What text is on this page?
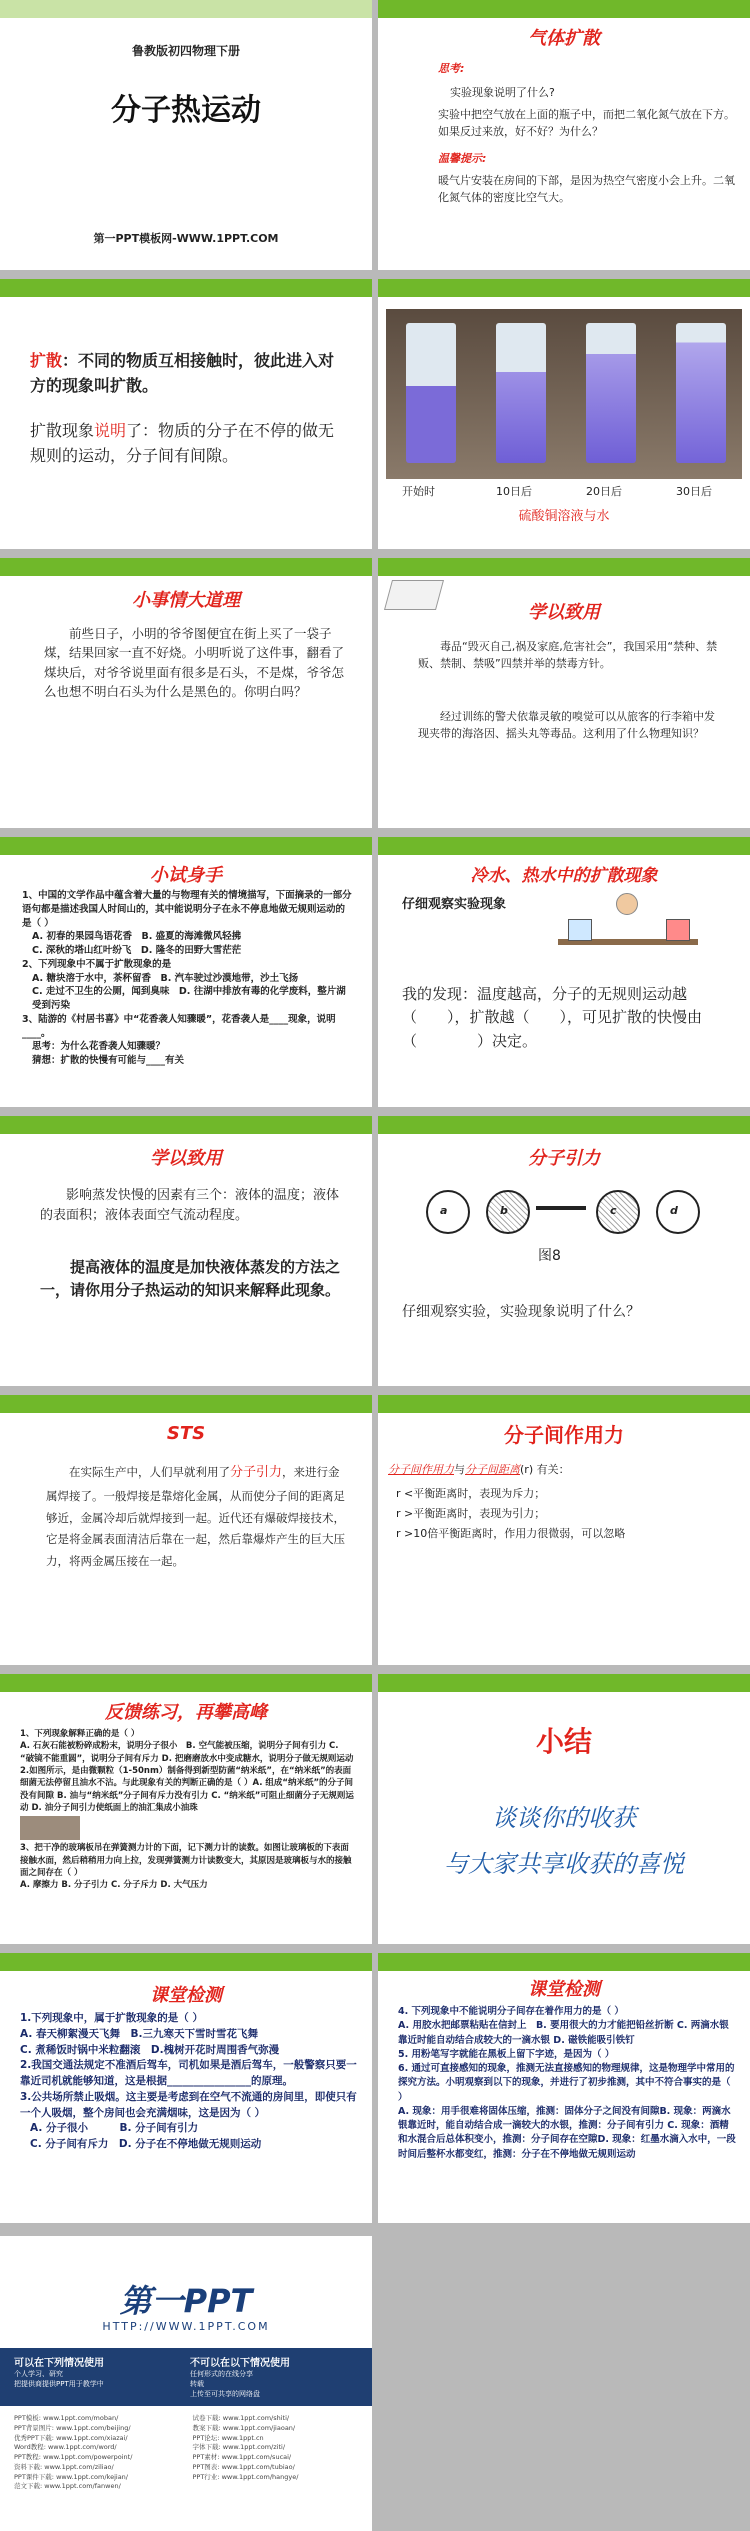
鲁教版初四物理下册
分子热运动
第一PPT模板网-WWW.1PPT.COM
气体扩散
思考:
实验现象说明了什么?
实验中把空气放在上面的瓶子中，而把二氧化氮气放在下方。如果反过来放，好不好？为什么？
温馨提示:
暖气片安装在房间的下部，是因为热空气密度小会上升。二氧化氮气体的密度比空气大。
扩散：不同的物质互相接触时，彼此进入对方的现象叫扩散。
扩散现象说明了：物质的分子在不停的做无规则的运动，分子间有间隙。
开始时	10日后	20日后	30日后
硫酸铜溶液与水
小事情大道理
前些日子，小明的爷爷图便宜在街上买了一袋子煤，结果回家一直不好烧。小明听说了这件事，翻看了煤块后，对爷爷说里面有很多是石头，不是煤，爷爷怎么也想不明白石头为什么是黑色的。你明白吗？
学以致用
毒品“毁灭自己,祸及家庭,危害社会”，我国采用“禁种、禁贩、禁制、禁吸”四禁并举的禁毒方针。
经过训练的警犬依靠灵敏的嗅觉可以从旅客的行李箱中发现夹带的海洛因、摇头丸等毒品。这利用了什么物理知识？
小试身手
1、中国的文学作品中蕴含着大量的与物理有关的情境描写，下面摘录的一部分语句都是描述我国人时间山的，其中能说明分子在永不停息地做无规则运动的是（ ）
A. 初春的果园鸟语花香　 B. 盛夏的海滩微风轻拂
C. 深秋的塔山红叶纷飞　 D. 隆冬的田野大雪茫茫
2、下列现象中不属于扩散现象的是
A. 糖块溶于水中，茶杯留香　 B. 汽车驶过沙漠地带，沙土飞扬
C. 走过不卫生的公厕，闻到臭味　 D. 往湖中排放有毒的化学废料，整片湖受到污染
3、陆游的《村居书喜》中“花香袭人知骤暖”，花香袭人是____现象，说明____。
思考：为什么花香袭人知骤暖？
猜想：扩散的快慢有可能与____有关
冷水、热水中的扩散现象
仔细观察实验现象
我的发现：温度越高，分子的无规则运动越（　　），扩散越（　　），可见扩散的快慢由（　　　　）决定。
学以致用
影响蒸发快慢的因素有三个：液体的温度；液体的表面积；液体表面空气流动程度。
提高液体的温度是加快液体蒸发的方法之一，请你用分子热运动的知识来解释此现象。
分子引力
a	b	c	d
图8
仔细观察实验，实验现象说明了什么？
STS
在实际生产中，人们早就利用了分子引力，来进行金属焊接了。一般焊接是靠熔化金属，从而使分子间的距离足够近，金属冷却后就焊接到一起。近代还有爆破焊接技术，它是将金属表面清洁后靠在一起，然后靠爆炸产生的巨大压力，将两金属压接在一起。
分子间作用力
分子间作用力与分子间距离(r) 有关：
r <平衡距离时，表现为斥力；
r >平衡距离时，表现为引力；
r >10倍平衡距离时，作用力很微弱，可以忽略
反馈练习，再攀高峰
1、下列现象解释正确的是（ ）
A. 石灰石能被粉碎成粉末，说明分子很小　B. 空气能被压缩，说明分子间有引力 C. “破镜不能重圆”，说明分子间有斥力 D. 把磨磨放水中变成糖水，说明分子做无规则运动
2.如图所示，是由微颗粒（1-50nm）制备得到新型防菌“纳米纸”，在“纳米纸”的表面细菌无法停留且油水不沾。与此现象有关的判断正确的是（ ）A. 组成“纳米纸”的分子间没有间隙 B. 油与“纳米纸”分子间有斥力没有引力 C. “纳米纸”可阻止细菌分子无规则运动 D. 油分子间引力使纸面上的油汇集成小油珠
3、把干净的玻璃板吊在弹簧测力计的下面，记下测力计的读数。如图让玻璃板的下表面接触水面，然后稍稍用力向上拉，发现弹簧测力计读数变大，其原因是玻璃板与水的接触面之间存在（ ）
A. 摩擦力 B. 分子引力 C. 分子斥力 D. 大气压力
小结
谈谈你的收获
与大家共享收获的喜悦
课堂检测
1.下列现象中，属于扩散现象的是（ ）
A. 春天柳絮漫天飞舞　 B.三九寒天下雪时雪花飞舞
C. 煮稀饭时锅中米粒翻滚　 D.槐树开花时周围香气弥漫
2.我国交通法规定不准酒后驾车，司机如果是酒后驾车，一般警察只要一靠近司机就能够知道，这是根据________________的原理。
3.公共场所禁止吸烟。这主要是考虑到在空气不流通的房间里，即使只有一个人吸烟，整个房间也会充满烟味，这是因为（ ）
A. 分子很小　　　	B. 分子间有引力
C. 分子间有斥力　 D. 分子在不停地做无规则运动
课堂检测
4. 下列现象中不能说明分子间存在着作用力的是（ ）
A. 用胶水把邮票粘贴在信封上　B. 要用很大的力才能把铅丝折断 C. 两滴水银靠近时能自动结合成较大的一滴水银 D. 磁铁能吸引铁钉
5. 用粉笔写字就能在黑板上留下字迹，是因为（ ）
6. 通过可直接感知的现象，推测无法直接感知的物理规律，这是物理学中常用的探究方法。小明观察到以下的现象，并进行了初步推测，其中不符合事实的是（ ）
A. 现象：用手很难将固体压缩，推测：固体分子之间没有间隙B. 现象：两滴水银靠近时，能自动结合成一滴较大的水银，推测：分子间有引力 C. 现象：酒精和水混合后总体积变小，推测：分子间存在空隙D. 现象：红墨水滴入水中，一段时间后整杯水都变红，推测：分子在不停地做无规则运动
第一PPT
HTTP://WWW.1PPT.COM
可以在下列情况使用	不可以在以下情况使用
个人学习、研究
把提供商提供PPT用于教学中
任何形式的在线分享
转载
上传至可共享的网络盘
PPT模板: www.1ppt.com/moban/
PPT背景图片: www.1ppt.com/beijing/
优秀PPT下载: www.1ppt.com/xiazai/
Word教程: www.1ppt.com/word/
PPT教程: www.1ppt.com/powerpoint/
资料下载: www.1ppt.com/ziliao/
PPT课件下载: www.1ppt.com/kejian/
范文下载: www.1ppt.com/fanwen/
试卷下载: www.1ppt.com/shiti/
教案下载: www.1ppt.com/jiaoan/
PPT论坛: www.1ppt.cn
字体下载: www.1ppt.com/ziti/
PPT素材: www.1ppt.com/sucai/
PPT图表: www.1ppt.com/tubiao/
PPT行业: www.1ppt.com/hangye/
